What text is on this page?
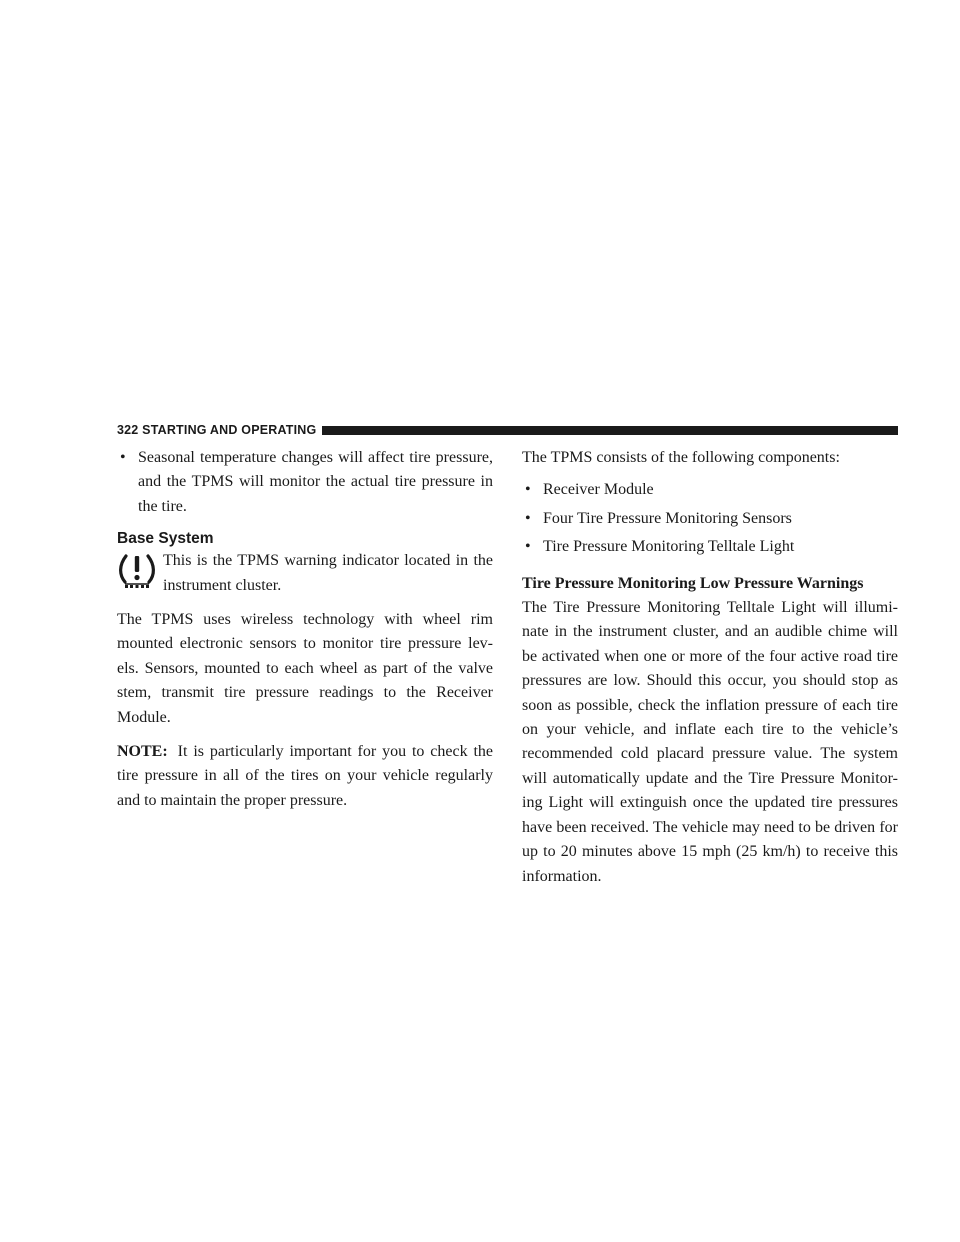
322 STARTING AND OPERATING
• Seasonal temperature changes will affect tire pressure, and the TPMS will monitor the actual tire pressure in the tire.
Base System
This is the TPMS warning indicator located in the instrument cluster.

The TPMS uses wireless technology with wheel rim mounted electronic sensors to monitor tire pressure lev-els. Sensors, mounted to each wheel as part of the valve stem, transmit tire pressure readings to the Receiver Module.

NOTE: It is particularly important for you to check the tire pressure in all of the tires on your vehicle regularly and to maintain the proper pressure.

The TPMS consists of the following components:

• Receiver Module
• Four Tire Pressure Monitoring Sensors
• Tire Pressure Monitoring Telltale Light
Tire Pressure Monitoring Low Pressure Warnings

The Tire Pressure Monitoring Telltale Light will illumi-nate in the instrument cluster, and an audible chime will be activated when one or more of the four active road tire pressures are low. Should this occur, you should stop as soon as possible, check the inflation pressure of each tire on your vehicle, and inflate each tire to the vehicle’s recommended cold placard pressure value. The system will automatically update and the Tire Pressure Monitor-ing Light will extinguish once the updated tire pressures have been received. The vehicle may need to be driven for up to 20 minutes above 15 mph (25 km/h) to receive this information.
